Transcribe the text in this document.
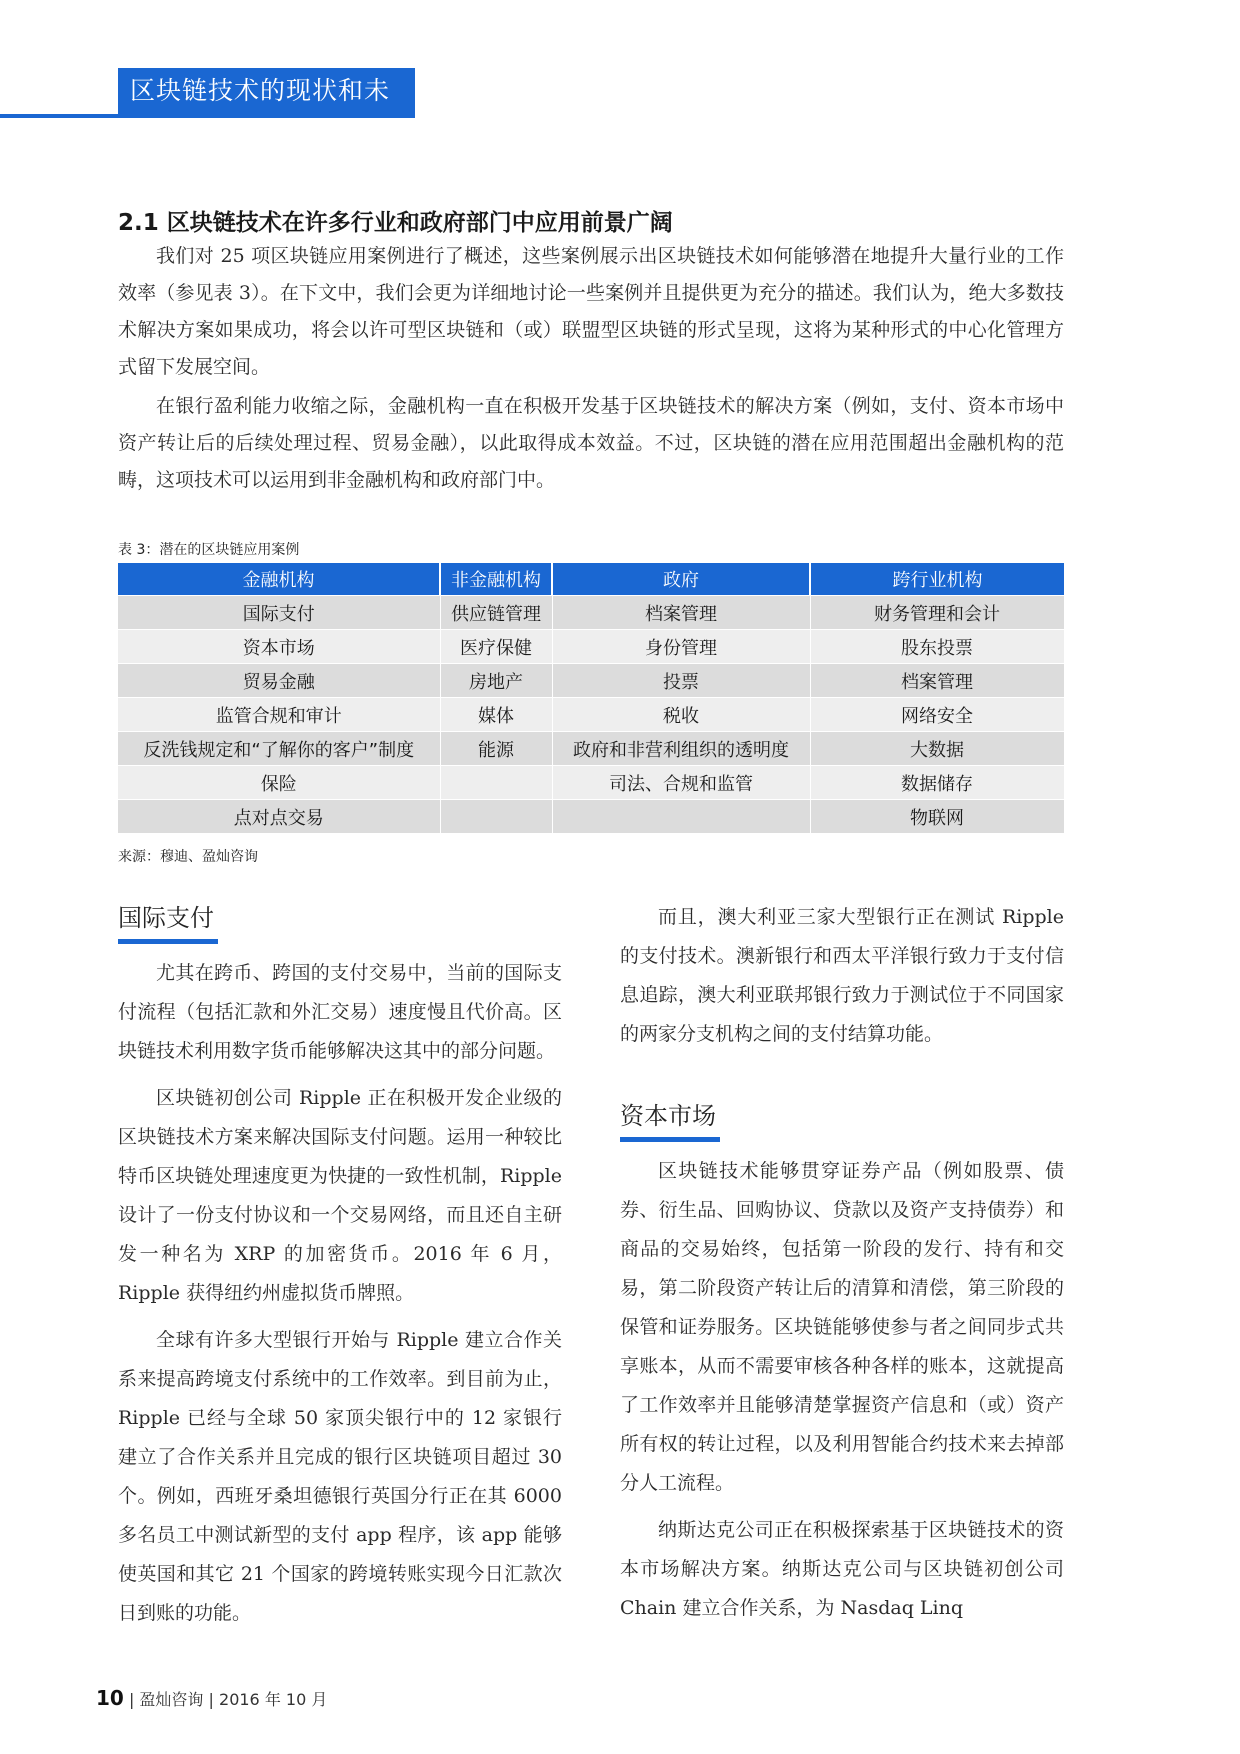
区块链技术的现状和未来
2.1 区块链技术在许多行业和政府部门中应用前景广阔

我们对 25 项区块链应用案例进行了概述，这些案例展示出区块链技术如何能够潜在地提升大量行业的工作效率（参见表 3）。在下文中，我们会更为详细地讨论一些案例并且提供更为充分的描述。我们认为，绝大多数技术解决方案如果成功，将会以许可型区块链和（或）联盟型区块链的形式呈现，这将为某种形式的中心化管理方式留下发展空间。

在银行盈利能力收缩之际，金融机构一直在积极开发基于区块链技术的解决方案（例如，支付、资本市场中资产转让后的后续处理过程、贸易金融），以此取得成本效益。不过，区块链的潜在应用范围超出金融机构的范畴，这项技术可以运用到非金融机构和政府部门中。

表 3：潜在的区块链应用案例
金融机构	非金融机构	政府	跨行业机构
国际支付	供应链管理	档案管理	财务管理和会计
资本市场	医疗保健	身份管理	股东投票
贸易金融	房地产	投票	档案管理
监管合规和审计	媒体	税收	网络安全
反洗钱规定和“了解你的客户”制度	能源	政府和非营利组织的透明度	大数据
保险		司法、合规和监管	数据储存
点对点交易			物联网
来源：穆迪、盈灿咨询
国际支付

尤其在跨币、跨国的支付交易中，当前的国际支付流程（包括汇款和外汇交易）速度慢且代价高。区块链技术利用数字货币能够解决这其中的部分问题。

区块链初创公司 Ripple 正在积极开发企业级的区块链技术方案来解决国际支付问题。运用一种较比特币区块链处理速度更为快捷的一致性机制，Ripple 设计了一份支付协议和一个交易网络，而且还自主研发一种名为 XRP 的加密货币。2016 年 6 月，Ripple 获得纽约州虚拟货币牌照。

全球有许多大型银行开始与 Ripple 建立合作关系来提高跨境支付系统中的工作效率。到目前为止，Ripple 已经与全球 50 家顶尖银行中的 12 家银行建立了合作关系并且完成的银行区块链项目超过 30 个。例如，西班牙桑坦德银行英国分行正在其 6000 多名员工中测试新型的支付 app 程序，该 app 能够使英国和其它 21 个国家的跨境转账实现今日汇款次日到账的功能。

而且，澳大利亚三家大型银行正在测试 Ripple 的支付技术。澳新银行和西太平洋银行致力于支付信息追踪，澳大利亚联邦银行致力于测试位于不同国家的两家分支机构之间的支付结算功能。

资本市场

区块链技术能够贯穿证券产品（例如股票、债券、衍生品、回购协议、贷款以及资产支持债券）和商品的交易始终，包括第一阶段的发行、持有和交易，第二阶段资产转让后的清算和清偿，第三阶段的保管和证券服务。区块链能够使参与者之间同步式共享账本，从而不需要审核各种各样的账本，这就提高了工作效率并且能够清楚掌握资产信息和（或）资产所有权的转让过程，以及利用智能合约技术来去掉部分人工流程。

纳斯达克公司正在积极探索基于区块链技术的资本市场解决方案。纳斯达克公司与区块链初创公司 Chain 建立合作关系，为 Nasdaq Linq

10 | 盈灿咨询 | 2016 年 10 月
